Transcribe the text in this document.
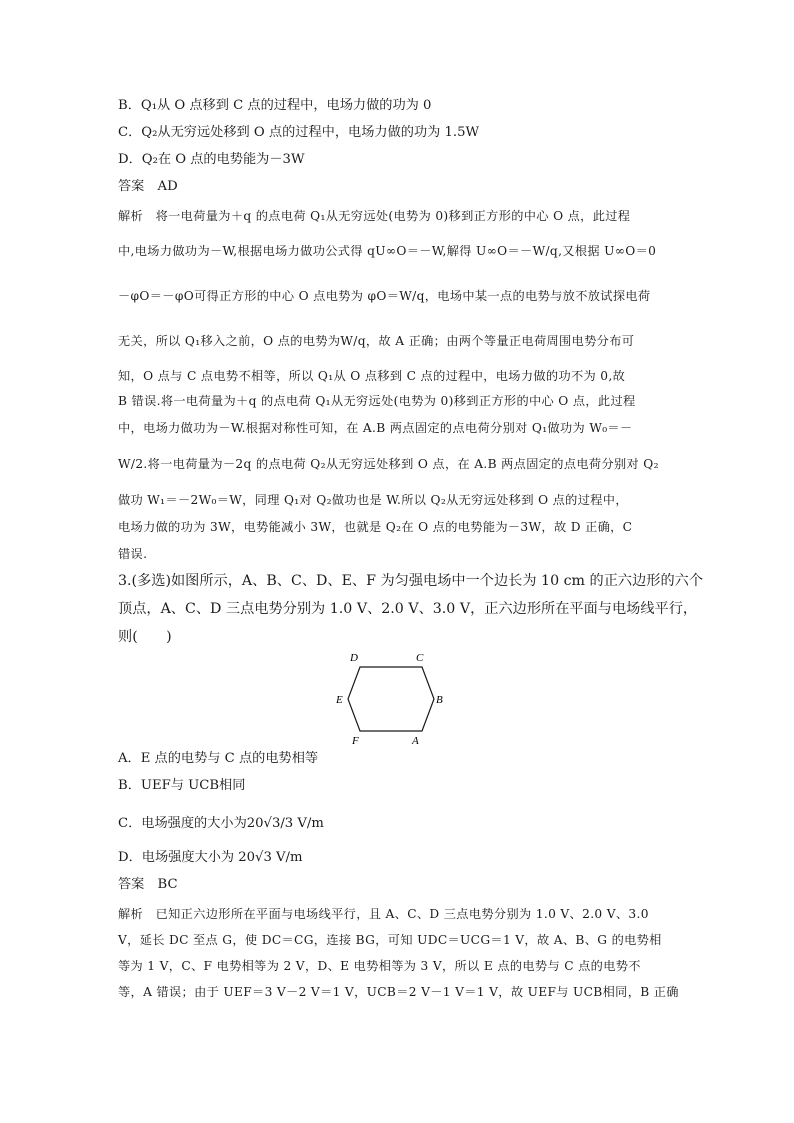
B．Q₁从 O 点移到 C 点的过程中，电场力做的功为 0
C．Q₂从无穷远处移到 O 点的过程中，电场力做的功为 1.5W
D．Q₂在 O 点的电势能为－3W
答案　AD
解析　将一电荷量为＋q 的点电荷 Q₁从无穷远处(电势为 0)移到正方形的中心 O 点，此过程
中,电场力做功为－W,根据电场力做功公式得 qU∞O＝－W,解得 U∞O＝－W/q,又根据 U∞O＝0
－φO＝－φO可得正方形的中心 O 点电势为 φO＝W/q，电场中某一点的电势与放不放试探电荷
无关，所以 Q₁移入之前，O 点的电势为W/q，故 A 正确；由两个等量正电荷周围电势分布可
知，O 点与 C 点电势不相等，所以 Q₁从 O 点移到 C 点的过程中，电场力做的功不为 0,故
B 错误.将一电荷量为＋q 的点电荷 Q₁从无穷远处(电势为 0)移到正方形的中心 O 点，此过程
中，电场力做功为－W.根据对称性可知，在 A.B 两点固定的点电荷分别对 Q₁做功为 W₀＝－
W/2.将一电荷量为－2q 的点电荷 Q₂从无穷远处移到 O 点，在 A.B 两点固定的点电荷分别对 Q₂
做功 W₁＝－2W₀＝W，同理 Q₁对 Q₂做功也是 W.所以 Q₂从无穷远处移到 O 点的过程中，
电场力做的功为 3W，电势能减小 3W，也就是 Q₂在 O 点的电势能为－3W，故 D 正确，C
错误.
3.(多选)如图所示，A、B、C、D、E、F 为匀强电场中一个边长为 10 cm 的正六边形的六个
顶点，A、C、D 三点电势分别为 1.0 V、2.0 V、3.0 V，正六边形所在平面与电场线平行，
则(　　)
D	C
E	B
F	A
A．E 点的电势与 C 点的电势相等
B．UEF与 UCB相同
C．电场强度的大小为20√3/3 V/m
D．电场强度大小为 20√3 V/m
答案　BC
解析　已知正六边形所在平面与电场线平行，且 A、C、D 三点电势分别为 1.0 V、2.0 V、3.0
V，延长 DC 至点 G，使 DC＝CG，连接 BG，可知 UDC＝UCG＝1 V，故 A、B、G 的电势相
等为 1 V，C、F 电势相等为 2 V，D、E 电势相等为 3 V，所以 E 点的电势与 C 点的电势不
等，A 错误；由于 UEF＝3 V－2 V＝1 V，UCB＝2 V－1 V＝1 V，故 UEF与 UCB相同，B 正确
